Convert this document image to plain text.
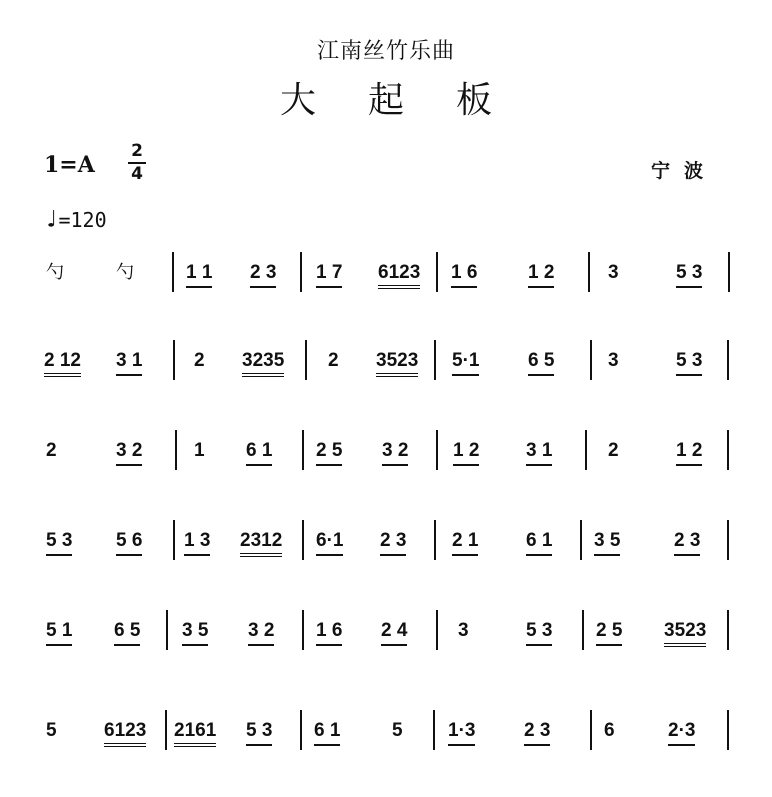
江南丝竹乐曲
大起板
1=A
2
4	宁波
♩=120
勺	勺	1 1 2 3 1 7 6123 1 6	1 2	3	5 3
2 12 3 1	2 3235 2 3523 5·1	6 5	3	5 3
2	3 2	1 6 1 2 5 3 2 1 2 3 1	2	1 2
5 3 5 6 1 3 2312 6·1 2 3 2 1	6 1 3 5	2 3
5 1 6 5 3 5 3 2 1 6 2 4	3	5 3 2 5 3523
5 6123 2161 5 3 6 1	5 1·3	2 3	6	2·3
